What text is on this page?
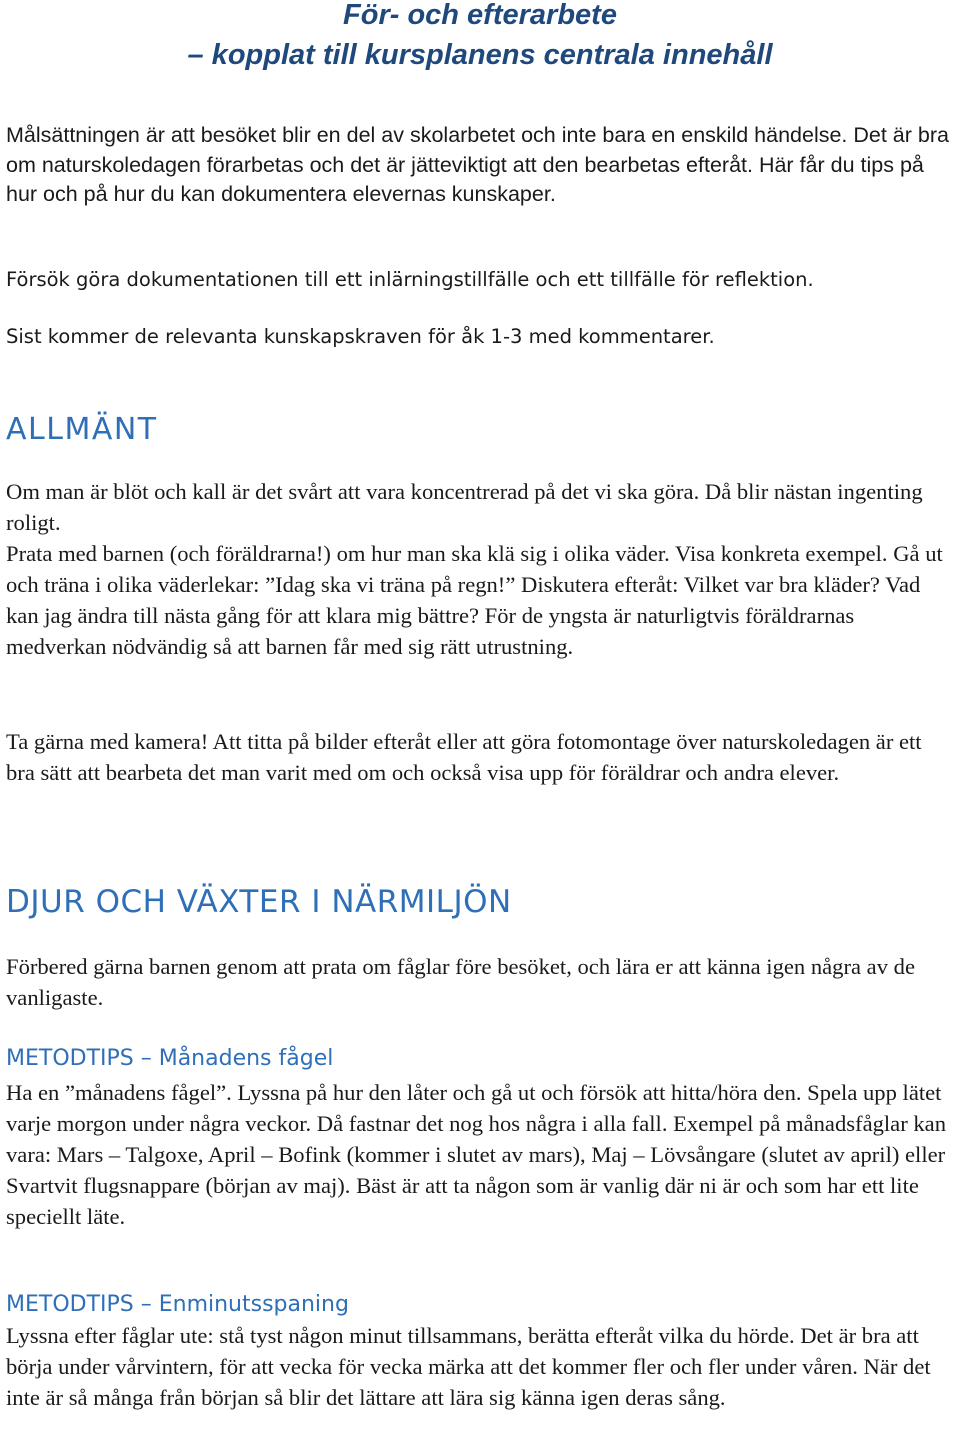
För- och efterarbete
– kopplat till kursplanens centrala innehåll

Målsättningen är att besöket blir en del av skolarbetet och inte bara en enskild händelse. Det är bra om naturskoledagen förarbetas och det är jätteviktigt att den bearbetas efteråt. Här får du tips på hur och på hur du kan dokumentera elevernas kunskaper.

Försök göra dokumentationen till ett inlärningstillfälle och ett tillfälle för reflektion.

Sist kommer de relevanta kunskapskraven för åk 1-3 med kommentarer.

ALLMÄNT

Om man är blöt och kall är det svårt att vara koncentrerad på det vi ska göra. Då blir nästan ingenting roligt.

Prata med barnen (och föräldrarna!) om hur man ska klä sig i olika väder. Visa konkreta exempel. Gå ut och träna i olika väderlekar: ”Idag ska vi träna på regn!” Diskutera efteråt: Vilket var bra kläder? Vad kan jag ändra till nästa gång för att klara mig bättre? För de yngsta är naturligtvis föräldrarnas medverkan nödvändig så att barnen får med sig rätt utrustning.

Ta gärna med kamera! Att titta på bilder efteråt eller att göra fotomontage över naturskoledagen är ett bra sätt att bearbeta det man varit med om och också visa upp för föräldrar och andra elever.

DJUR OCH VÄXTER I NÄRMILJÖN

Förbered gärna barnen genom att prata om fåglar före besöket, och lära er att känna igen några av de vanligaste.

METODTIPS – Månadens fågel

Ha en ”månadens fågel”. Lyssna på hur den låter och gå ut och försök att hitta/höra den. Spela upp lätet varje morgon under några veckor. Då fastnar det nog hos några i alla fall. Exempel på månadsfåglar kan vara: Mars – Talgoxe, April – Bofink (kommer i slutet av mars), Maj – Lövsångare (slutet av april) eller Svartvit flugsnappare (början av maj). Bäst är att ta någon som är vanlig där ni är och som har ett lite speciellt läte.

METODTIPS – Enminutsspaning

Lyssna efter fåglar ute: stå tyst någon minut tillsammans, berätta efteråt vilka du hörde. Det är bra att börja under vårvintern, för att vecka för vecka märka att det kommer fler och fler under våren. När det inte är så många från början så blir det lättare att lära sig känna igen deras sång.
